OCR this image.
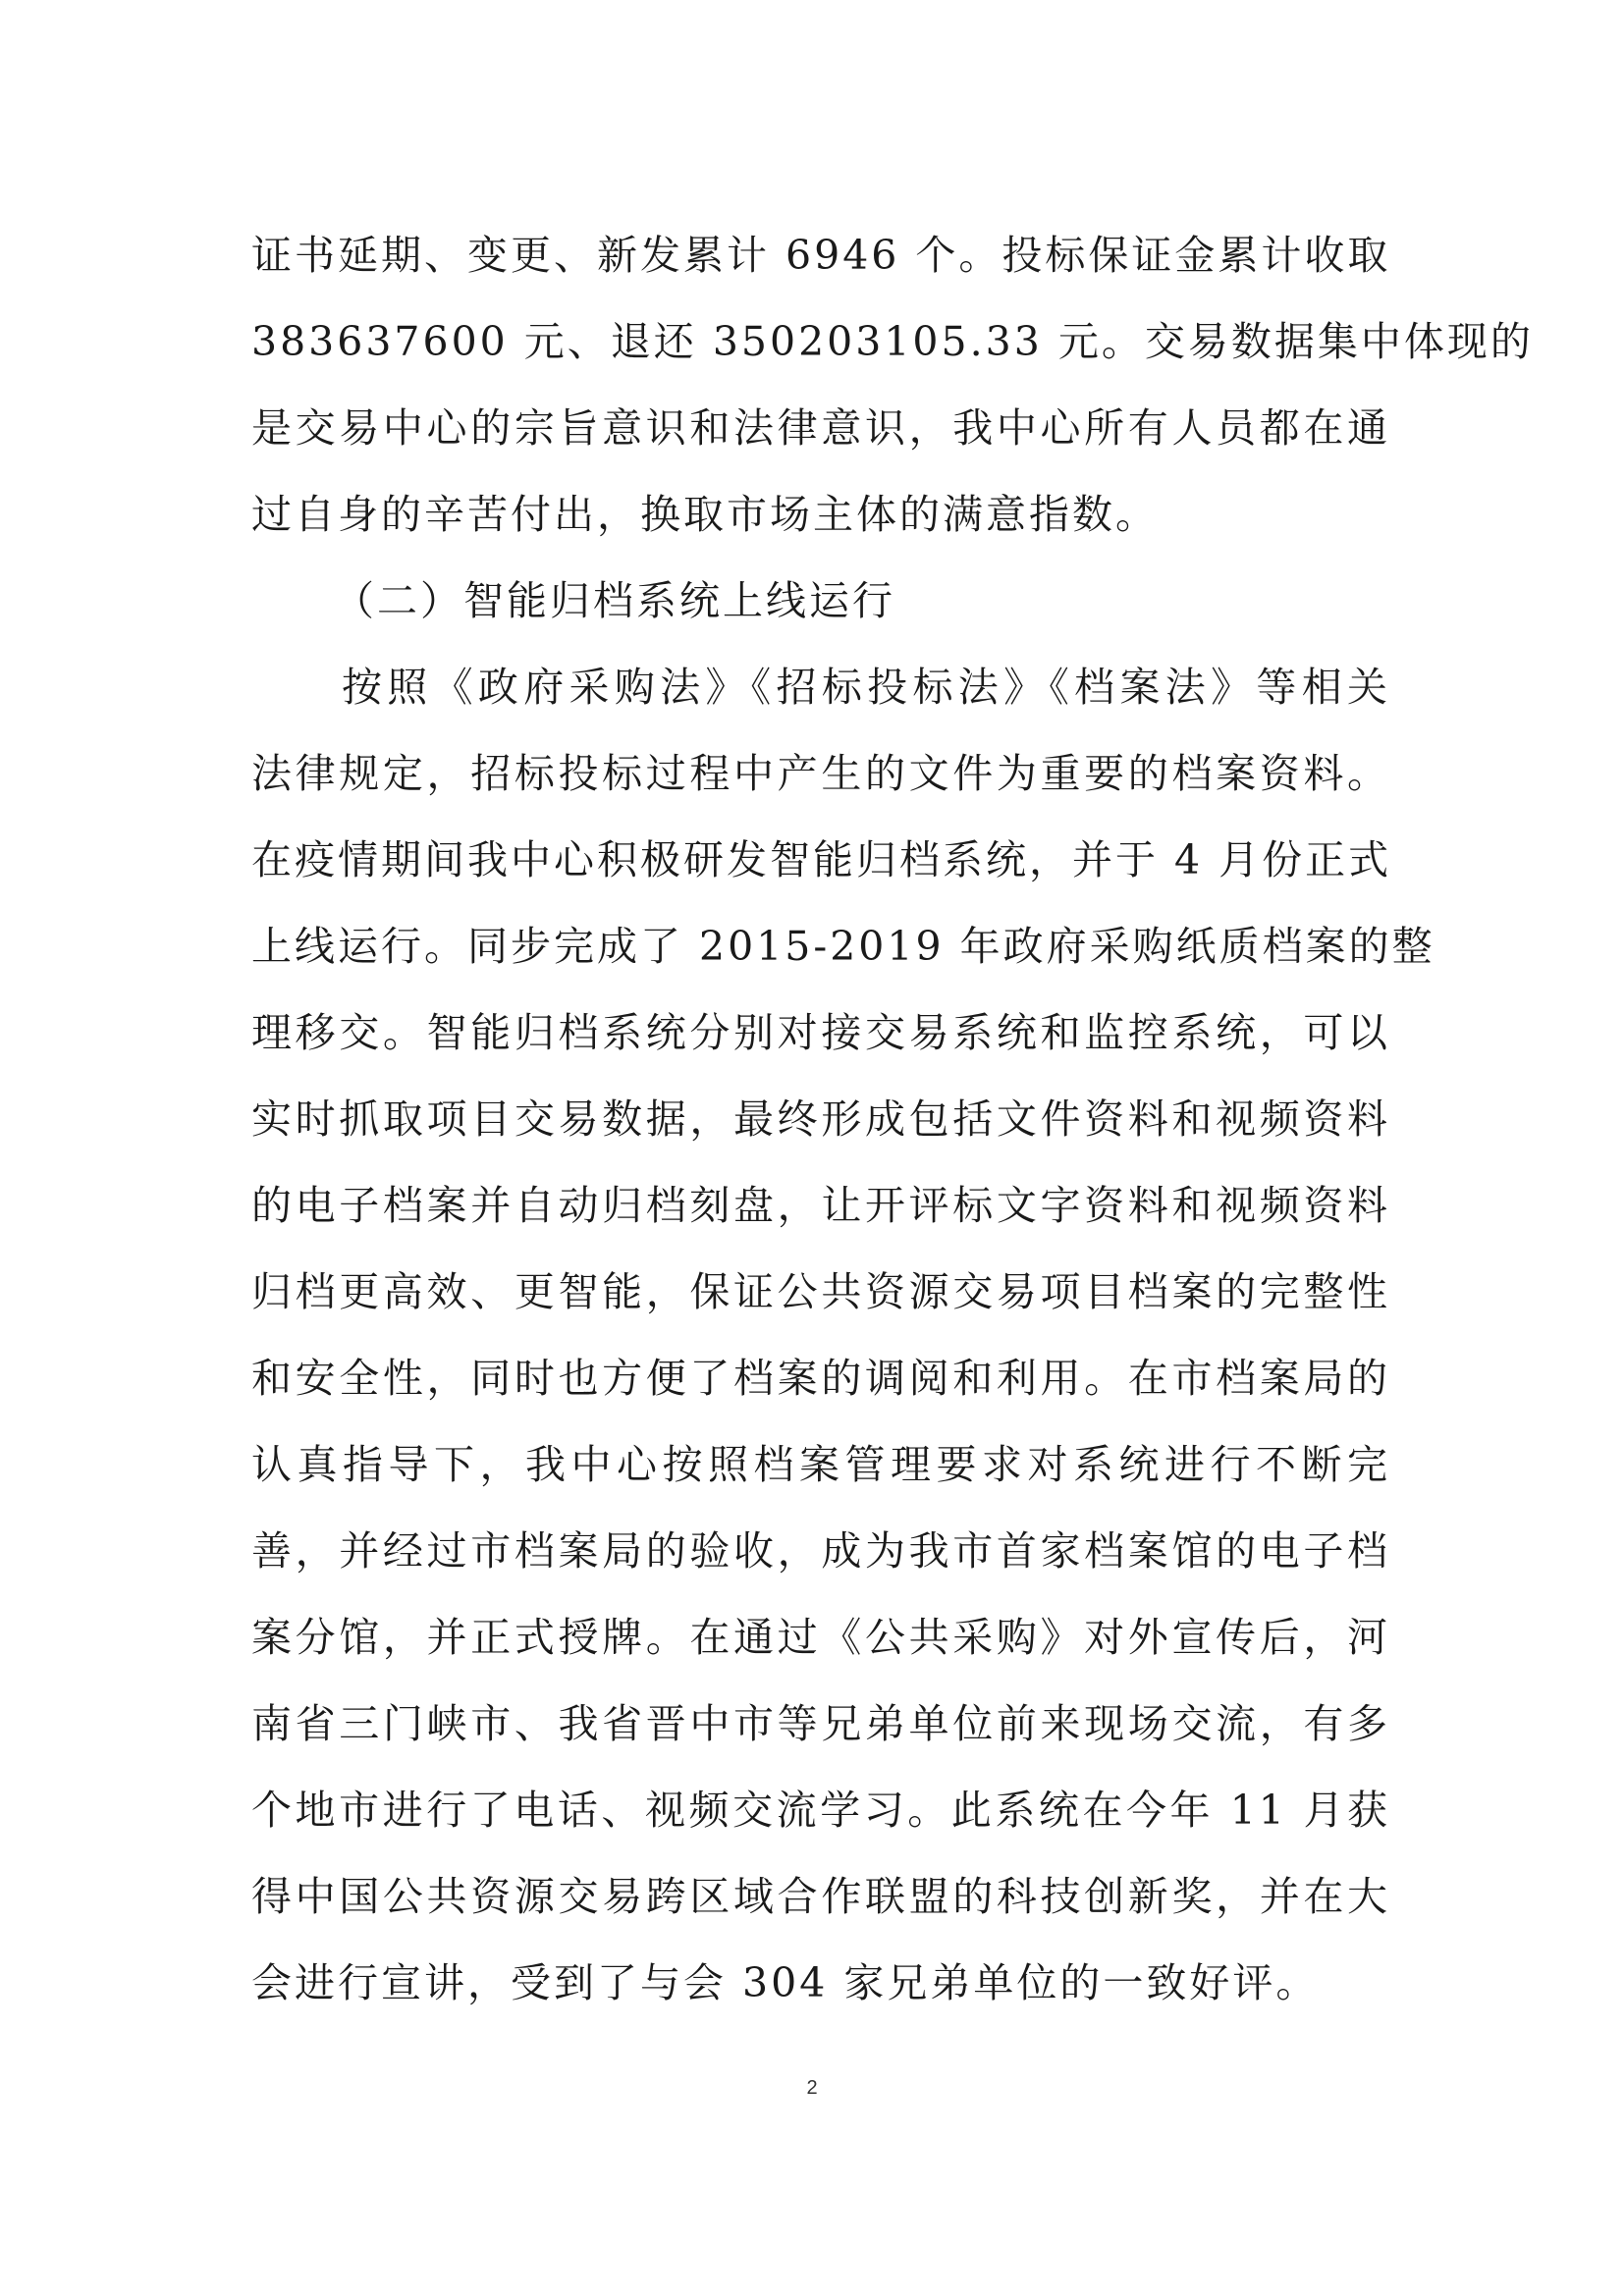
证书延期、变更、新发累计 6946 个。投标保证金累计收取
383637600 元、退还 350203105.33 元。交易数据集中体现的
是交易中心的宗旨意识和法律意识，我中心所有人员都在通
过自身的辛苦付出，换取市场主体的满意指数。
（二）智能归档系统上线运行
按照《政府采购法》《招标投标法》《档案法》等相关
法律规定，招标投标过程中产生的文件为重要的档案资料。
在疫情期间我中心积极研发智能归档系统，并于 4 月份正式
上线运行。同步完成了 2015-2019 年政府采购纸质档案的整
理移交。智能归档系统分别对接交易系统和监控系统，可以
实时抓取项目交易数据，最终形成包括文件资料和视频资料
的电子档案并自动归档刻盘，让开评标文字资料和视频资料
归档更高效、更智能，保证公共资源交易项目档案的完整性
和安全性，同时也方便了档案的调阅和利用。在市档案局的
认真指导下，我中心按照档案管理要求对系统进行不断完
善，并经过市档案局的验收，成为我市首家档案馆的电子档
案分馆，并正式授牌。在通过《公共采购》对外宣传后，河
南省三门峡市、我省晋中市等兄弟单位前来现场交流，有多
个地市进行了电话、视频交流学习。此系统在今年 11 月获
得中国公共资源交易跨区域合作联盟的科技创新奖，并在大
会进行宣讲，受到了与会 304 家兄弟单位的一致好评。
2
